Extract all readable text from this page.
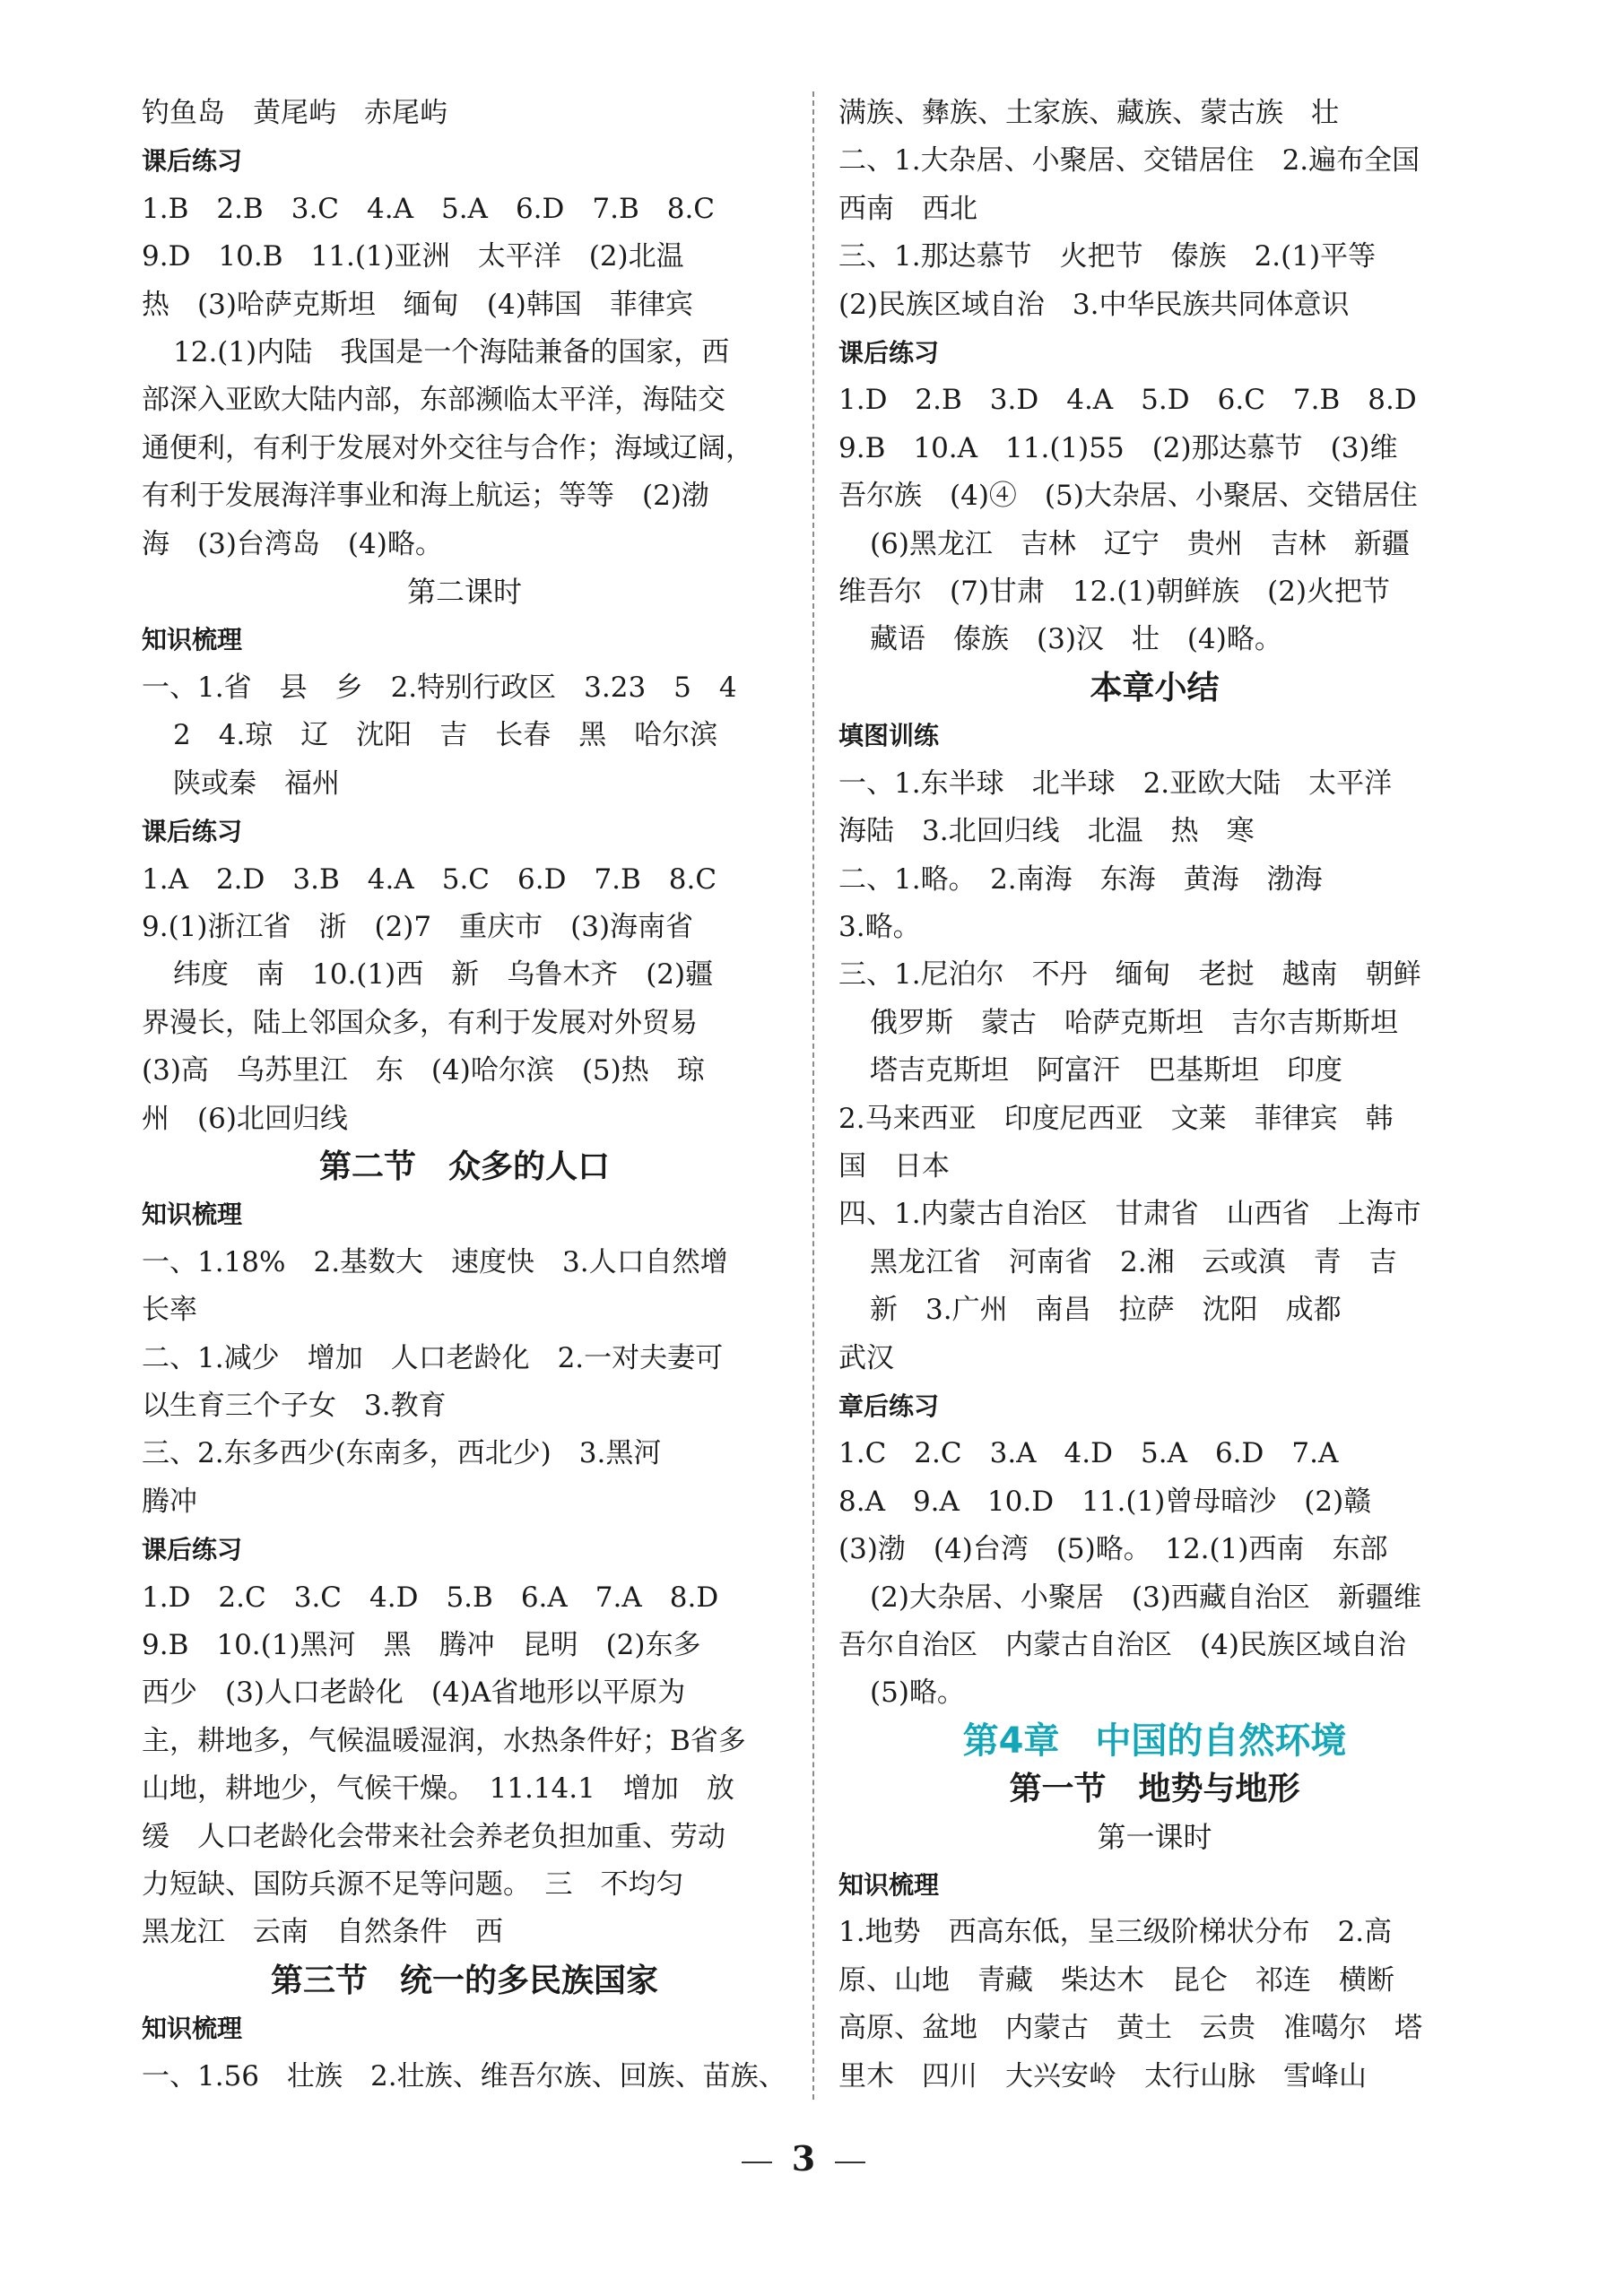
钓鱼岛　黄尾屿　赤尾屿
课后练习
1.B　2.B　3.C　4.A　5.A　6.D　7.B　8.C
9.D　10.B　11.(1)亚洲　太平洋　(2)北温
热　(3)哈萨克斯坦　缅甸　(4)韩国　菲律宾
12.(1)内陆　我国是一个海陆兼备的国家，西
部深入亚欧大陆内部，东部濒临太平洋，海陆交
通便利，有利于发展对外交往与合作；海域辽阔，
有利于发展海洋事业和海上航运；等等　(2)渤
海　(3)台湾岛　(4)略。
第二课时
知识梳理
一、1.省　县　乡　2.特别行政区　3.23　5　4
2　4.琼　辽　沈阳　吉　长春　黑　哈尔滨
陕或秦　福州
课后练习
1.A　2.D　3.B　4.A　5.C　6.D　7.B　8.C
9.(1)浙江省　浙　(2)7　重庆市　(3)海南省
纬度　南　10.(1)西　新　乌鲁木齐　(2)疆
界漫长，陆上邻国众多，有利于发展对外贸易
(3)高　乌苏里江　东　(4)哈尔滨　(5)热　琼
州　(6)北回归线
第二节　众多的人口
知识梳理
一、1.18%　2.基数大　速度快　3.人口自然增
长率
二、1.减少　增加　人口老龄化　2.一对夫妻可
以生育三个子女　3.教育
三、2.东多西少(东南多，西北少)　3.黑河
腾冲
课后练习
1.D　2.C　3.C　4.D　5.B　6.A　7.A　8.D
9.B　10.(1)黑河　黑　腾冲　昆明　(2)东多
西少　(3)人口老龄化　(4)A省地形以平原为
主，耕地多，气候温暖湿润，水热条件好；B省多
山地，耕地少，气候干燥。　11.14.1　增加　放
缓　人口老龄化会带来社会养老负担加重、劳动
力短缺、国防兵源不足等问题。　三　不均匀
黑龙江　云南　自然条件　西
第三节　统一的多民族国家
知识梳理
一、1.56　壮族　2.壮族、维吾尔族、回族、苗族、
满族、彝族、土家族、藏族、蒙古族　壮
二、1.大杂居、小聚居、交错居住　2.遍布全国
西南　西北
三、1.那达慕节　火把节　傣族　2.(1)平等
(2)民族区域自治　3.中华民族共同体意识
课后练习
1.D　2.B　3.D　4.A　5.D　6.C　7.B　8.D
9.B　10.A　11.(1)55　(2)那达慕节　(3)维
吾尔族　(4)④　(5)大杂居、小聚居、交错居住
(6)黑龙江　吉林　辽宁　贵州　吉林　新疆
维吾尔　(7)甘肃　12.(1)朝鲜族　(2)火把节
藏语　傣族　(3)汉　壮　(4)略。
本章小结
填图训练
一、1.东半球　北半球　2.亚欧大陆　太平洋
海陆　3.北回归线　北温　热　寒
二、1.略。　2.南海　东海　黄海　渤海
3.略。
三、1.尼泊尔　不丹　缅甸　老挝　越南　朝鲜
俄罗斯　蒙古　哈萨克斯坦　吉尔吉斯斯坦
塔吉克斯坦　阿富汗　巴基斯坦　印度
2.马来西亚　印度尼西亚　文莱　菲律宾　韩
国　日本
四、1.内蒙古自治区　甘肃省　山西省　上海市
黑龙江省　河南省　2.湘　云或滇　青　吉
新　3.广州　南昌　拉萨　沈阳　成都
武汉
章后练习
1.C　2.C　3.A　4.D　5.A　6.D　7.A
8.A　9.A　10.D　11.(1)曾母暗沙　(2)赣
(3)渤　(4)台湾　(5)略。　12.(1)西南　东部
(2)大杂居、小聚居　(3)西藏自治区　新疆维
吾尔自治区　内蒙古自治区　(4)民族区域自治
(5)略。
第4章　中国的自然环境
第一节　地势与地形
第一课时
知识梳理
1.地势　西高东低，呈三级阶梯状分布　2.高
原、山地　青藏　柴达木　昆仑　祁连　横断
高原、盆地　内蒙古　黄土　云贵　准噶尔　塔
里木　四川　大兴安岭　太行山脉　雪峰山
3
